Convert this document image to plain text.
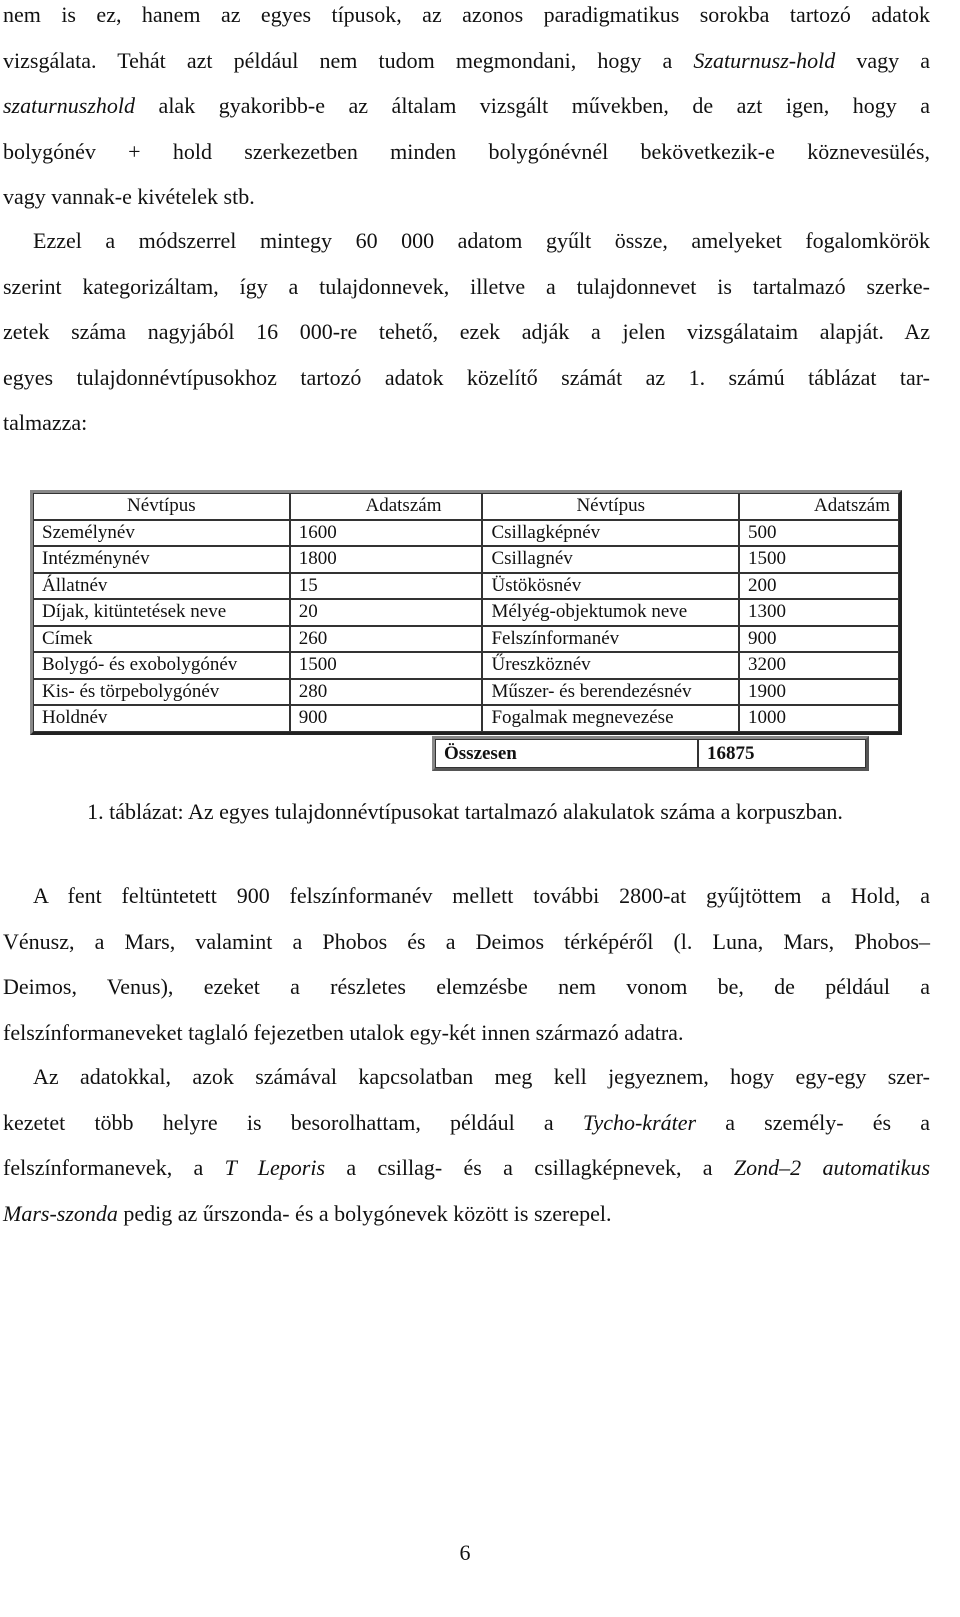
nem is ez, hanem az egyes típusok, az azonos paradigmatikus sorokba tartozó adatok
vizsgálata. Tehát azt például nem tudom megmondani, hogy a Szaturnusz-hold vagy a
szaturnuszhold alak gyakoribb-e az általam vizsgált művekben, de azt igen, hogy a
bolygónév + hold szerkezetben minden bolygónévnél bekövetkezik-e köznevesülés,
vagy vannak-e kivételek stb.
Ezzel a módszerrel mintegy 60 000 adatom gyűlt össze, amelyeket fogalomkörök
szerint kategorizáltam, így a tulajdonnevek, illetve a tulajdonnevet is tartalmazó szerke-
zetek száma nagyjából 16 000-re tehető, ezek adják a jelen vizsgálataim alapját. Az
egyes tulajdonnévtípusokhoz tartozó adatok közelítő számát az 1. számú táblázat tar-
talmazza:
Névtípus	Adatszám	Névtípus	Adatszám
Személynév	1600	Csillagképnév	500
Intézménynév	1800	Csillagnév	1500
Állatnév	15	Üstökösnév	200
Díjak, kitüntetések neve	20	Mélyég-objektumok neve	1300
Címek	260	Felszínformanév	900
Bolygó- és exobolygónév	1500	Űreszköznév	3200
Kis- és törpebolygónév	280	Műszer- és berendezésnév	1900
Holdnév	900	Fogalmak megnevezése	1000
Összesen	16875
1. táblázat: Az egyes tulajdonnévtípusokat tartalmazó alakulatok száma a korpuszban.
A fent feltüntetett 900 felszínformanév mellett további 2800-at gyűjtöttem a Hold, a
Vénusz, a Mars, valamint a Phobos és a Deimos térképéről (l. Luna, Mars, Phobos–
Deimos, Venus), ezeket a részletes elemzésbe nem vonom be, de például a
felszínformaneveket taglaló fejezetben utalok egy-két innen származó adatra.
Az adatokkal, azok számával kapcsolatban meg kell jegyeznem, hogy egy-egy szer-
kezetet több helyre is besorolhattam, például a Tycho-kráter a személy- és a
felszínformanevek, a T Leporis a csillag- és a csillagképnevek, a Zond–2 automatikus
Mars-szonda pedig az űrszonda- és a bolygónevek között is szerepel.
6
